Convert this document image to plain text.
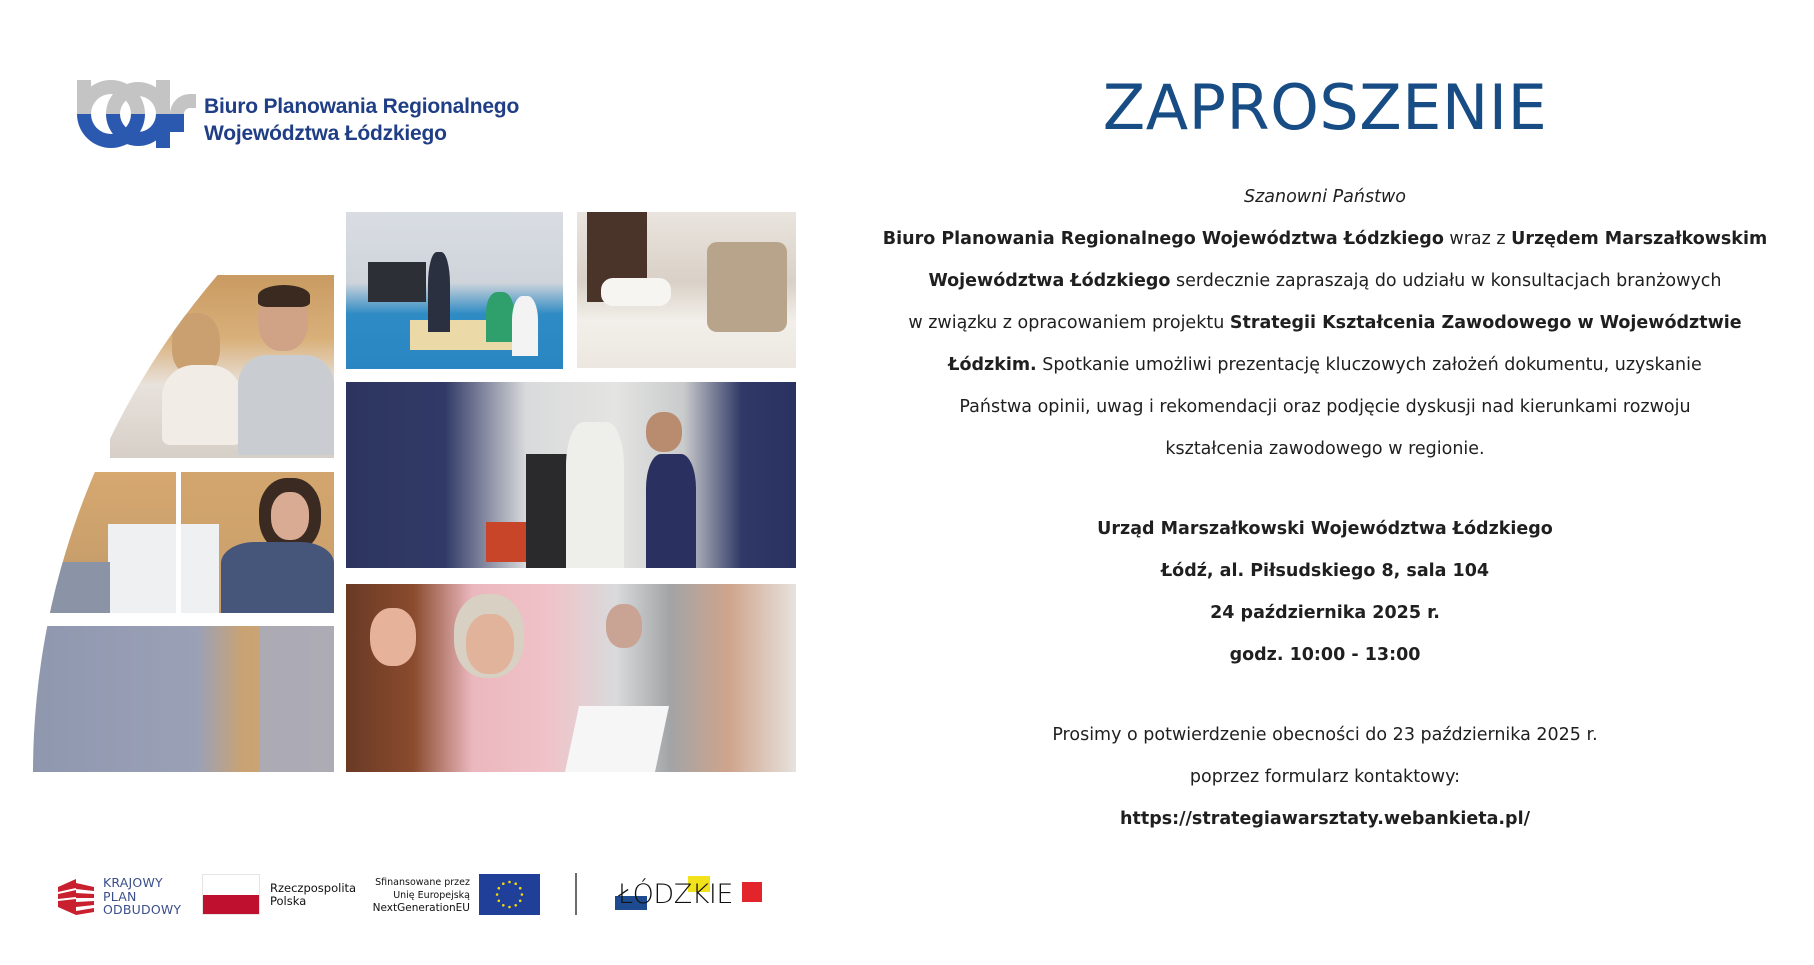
Biuro Planowania Regionalnego
Województwa Łódzkiego	ZAPROSZENIE
Szanowni Państwo
Biuro Planowania Regionalnego Województwa Łódzkiego wraz z Urzędem Marszałkowskim
Województwa Łódzkiego serdecznie zapraszają do udziału w konsultacjach branżowych
w związku z opracowaniem projektu Strategii Kształcenia Zawodowego w Województwie
Łódzkim. Spotkanie umożliwi prezentację kluczowych założeń dokumentu, uzyskanie
Państwa opinii, uwag i rekomendacji oraz podjęcie dyskusji nad kierunkami rozwoju
kształcenia zawodowego w regionie.
Urząd Marszałkowski Województwa Łódzkiego
Łódź, al. Piłsudskiego 8, sala 104
24 października 2025 r.
godz. 10:00 - 13:00
Prosimy o potwierdzenie obecności do 23 października 2025 r.
poprzez formularz kontaktowy:
https://strategiawarsztaty.webankieta.pl/
KRAJOWY
PLAN
ODBUDOWY
Rzeczpospolita
Polska
Sfinansowane przez
Unię Europejską
NextGenerationEU	ŁÓDZKIE
